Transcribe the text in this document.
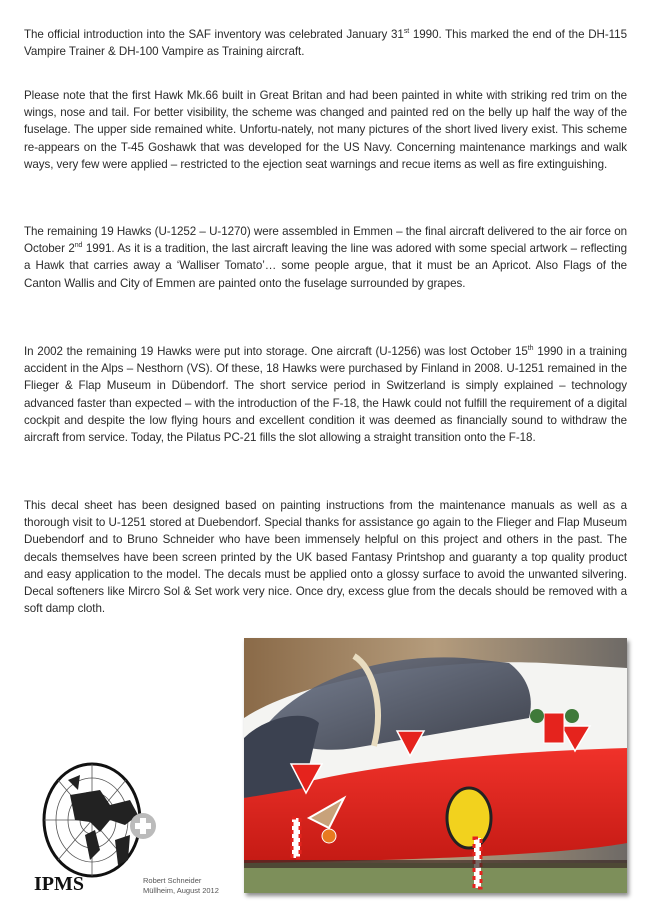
The official introduction into the SAF inventory was celebrated January 31st 1990. This marked the end of the DH-115 Vampire Trainer & DH-100 Vampire as Training aircraft.
Please note that the first Hawk Mk.66 built in Great Britan and had been painted in white with striking red trim on the wings, nose and tail. For better visibility, the scheme was changed and painted red on the belly up half the way of the fuselage. The upper side remained white. Unfortu-nately, not many pictures of the short lived livery exist. This scheme re-appears on the T-45 Goshawk that was developed for the US Navy. Concerning maintenance markings and walk ways, very few were applied – restricted to the ejection seat warnings and recue items as well as fire extinguishing.
The remaining 19 Hawks (U-1252 – U-1270) were assembled in Emmen – the final aircraft delivered to the air force on October 2nd 1991. As it is a tradition, the last aircraft leaving the line was adored with some special artwork – reflecting a Hawk that carries away a ‘Walliser Tomato’… some people argue, that it must be an Apricot. Also Flags of the Canton Wallis and City of Emmen are painted onto the fuselage surrounded by grapes.
In 2002 the remaining 19 Hawks were put into storage. One aircraft (U-1256) was lost October 15th 1990 in a training accident in the Alps – Nesthorn (VS). Of these, 18 Hawks were purchased by Finland in 2008. U-1251 remained in the Flieger & Flap Museum in Dübendorf. The short service period in Switzerland is simply explained – technology advanced faster than expected – with the introduction of the F-18, the Hawk could not fulfill the requirement of a digital cockpit and despite the low flying hours and excellent condition it was deemed as financially sound to withdraw the aircraft from service. Today, the Pilatus PC-21 fills the slot allowing a straight transition onto the F-18.
This decal sheet has been designed based on painting instructions from the maintenance manuals as well as a thorough visit to U-1251 stored at Duebendorf. Special thanks for assistance go again to the Flieger and Flap Museum Duebendorf and to Bruno Schneider who have been immensely helpful on this project and others in the past. The decals themselves have been screen printed by the UK based Fantasy Printshop and guaranty a top quality product and easy application to the model. The decals must be applied onto a glossy surface to avoid the unwanted silvering. Decal softeners like Mircro Sol & Set work very nice. Once dry, excess glue from the decals should be removed with a soft damp cloth.
IPMS	Robert Schneider
Müllheim, August 2012
